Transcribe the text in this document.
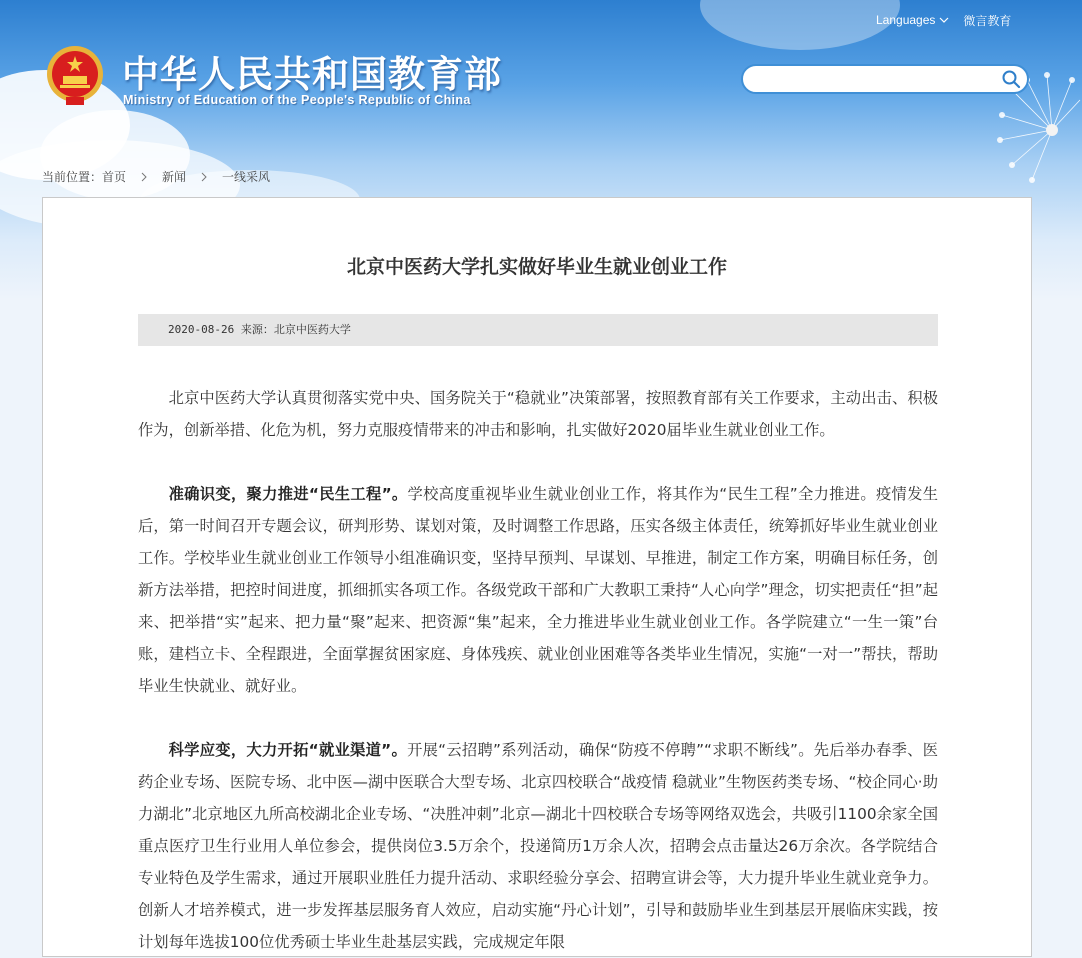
中华人民共和国教育部
Ministry of Education of the People's Republic of China
Languages 微言教育
当前位置： 首页	新闻	一线采风
北京中医药大学扎实做好毕业生就业创业工作
2020-08-26 来源：北京中医药大学

北京中医药大学认真贯彻落实党中央、国务院关于“稳就业”决策部署，按照教育部有关工作要求，主动出击、积极作为，创新举措、化危为机，努力克服疫情带来的冲击和影响，扎实做好2020届毕业生就业创业工作。

准确识变，聚力推进“民生工程”。学校高度重视毕业生就业创业工作，将其作为“民生工程”全力推进。疫情发生后，第一时间召开专题会议，研判形势、谋划对策，及时调整工作思路，压实各级主体责任，统筹抓好毕业生就业创业工作。学校毕业生就业创业工作领导小组准确识变，坚持早预判、早谋划、早推进，制定工作方案，明确目标任务，创新方法举措，把控时间进度，抓细抓实各项工作。各级党政干部和广大教职工秉持“人心向学”理念，切实把责任“担”起来、把举措“实”起来、把力量“聚”起来、把资源“集”起来，全力推进毕业生就业创业工作。各学院建立“一生一策”台账，建档立卡、全程跟进，全面掌握贫困家庭、身体残疾、就业创业困难等各类毕业生情况，实施“一对一”帮扶，帮助毕业生快就业、就好业。

科学应变，大力开拓“就业渠道”。开展“云招聘”系列活动，确保“防疫不停聘”“求职不断线”。先后举办春季、医药企业专场、医院专场、北中医—湖中医联合大型专场、北京四校联合“战疫情 稳就业”生物医药类专场、“校企同心·助力湖北”北京地区九所高校湖北企业专场、“决胜冲刺”北京—湖北十四校联合专场等网络双选会，共吸引1100余家全国重点医疗卫生行业用人单位参会，提供岗位3.5万余个，投递简历1万余人次，招聘会点击量达26万余次。各学院结合专业特色及学生需求，通过开展职业胜任力提升活动、求职经验分享会、招聘宣讲会等，大力提升毕业生就业竞争力。创新人才培养模式，进一步发挥基层服务育人效应，启动实施“丹心计划”，引导和鼓励毕业生到基层开展临床实践，按计划每年选拔100位优秀硕士毕业生赴基层实践，完成规定年限
